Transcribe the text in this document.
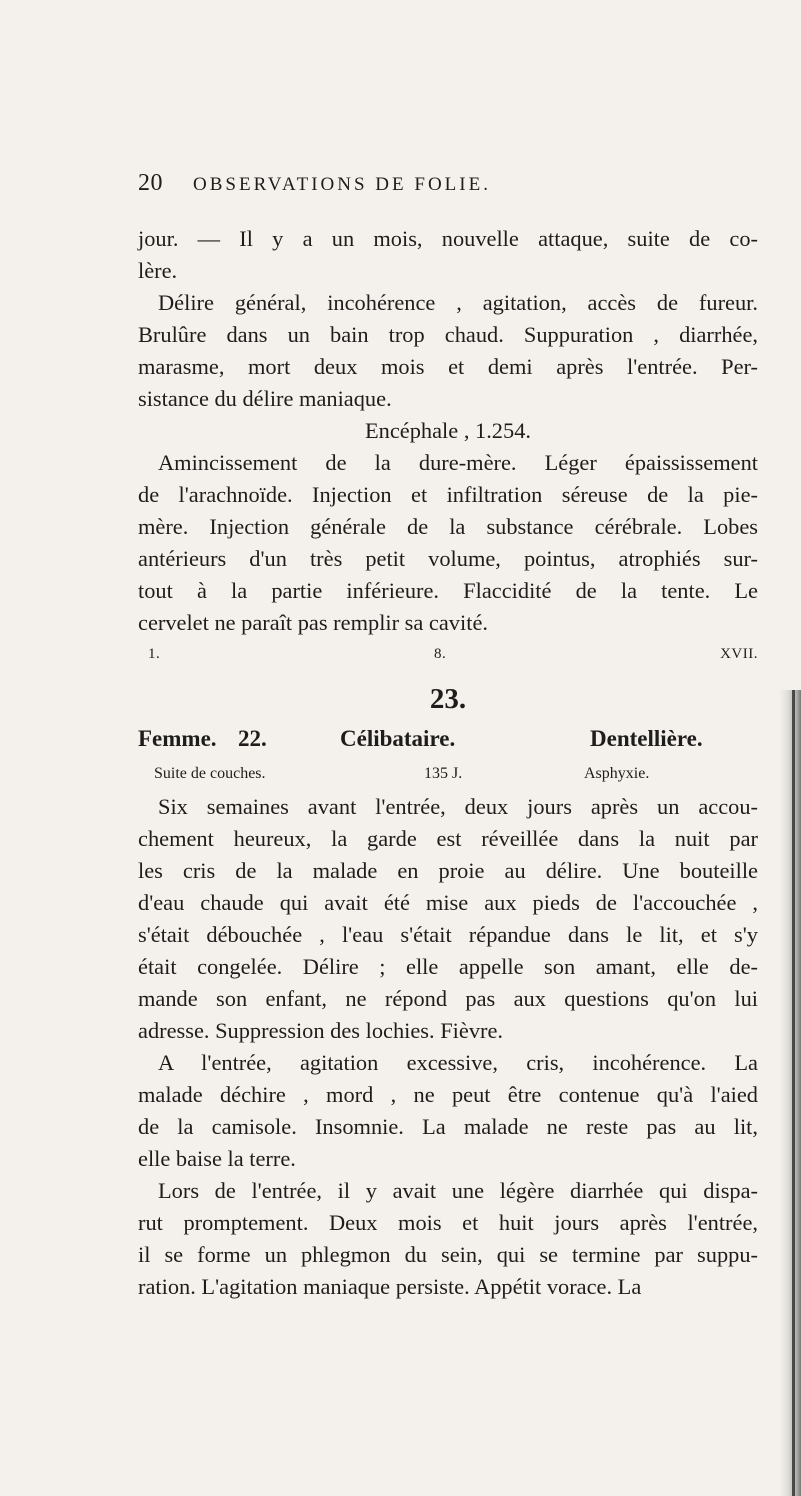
20 OBSERVATIONS DE FOLIE.
jour. — Il y a un mois, nouvelle attaque, suite de co-
lère.
Délire général, incohérence , agitation, accès de fureur.
Brulûre dans un bain trop chaud. Suppuration , diarrhée,
marasme, mort deux mois et demi après l'entrée. Per-
sistance du délire maniaque.
Encéphale , 1.254.
Amincissement de la dure-mère. Léger épaississement
de l'arachnoïde. Injection et infiltration séreuse de la pie-
mère. Injection générale de la substance cérébrale. Lobes
antérieurs d'un très petit volume, pointus, atrophiés sur-
tout à la partie inférieure. Flaccidité de la tente. Le
cervelet ne paraît pas remplir sa cavité.
1. 8. XVII.
23.
Femme. 22.	Célibataire.	Dentellière.
Suite de couches.	135 J.	Asphyxie.
Six semaines avant l'entrée, deux jours après un accou-
chement heureux, la garde est réveillée dans la nuit par
les cris de la malade en proie au délire. Une bouteille
d'eau chaude qui avait été mise aux pieds de l'accouchée ,
s'était débouchée , l'eau s'était répandue dans le lit, et s'y
était congelée. Délire ; elle appelle son amant, elle de-
mande son enfant, ne répond pas aux questions qu'on lui
adresse. Suppression des lochies. Fièvre.
A l'entrée, agitation excessive, cris, incohérence. La
malade déchire , mord , ne peut être contenue qu'à l'aied
de la camisole. Insomnie. La malade ne reste pas au lit,
elle baise la terre.
Lors de l'entrée, il y avait une légère diarrhée qui dispa-
rut promptement. Deux mois et huit jours après l'entrée,
il se forme un phlegmon du sein, qui se termine par suppu-
ration. L'agitation maniaque persiste. Appétit vorace. La
